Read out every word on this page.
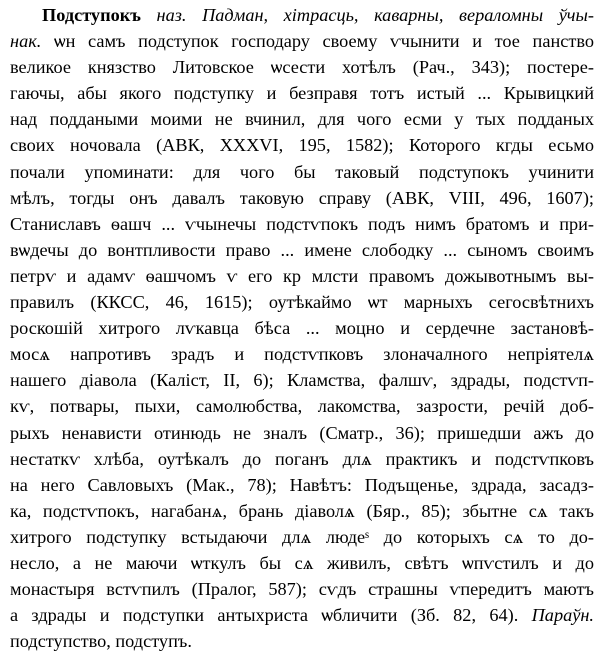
Подступокъ наз. Падман, хітрасць, каварны, вераломны ўчы-
нак. ѡн самъ подступок господару своему ѵчынити и тое панство
великое князство Литовское ѡсести хотѣлъ (Рач., 343); постере-
гаючы, абы якого подступку и безправя тотъ истый ... Крывицкий
над поддаными моими не вчинил, для чого есми у тых подданых
своих ночовала (АВК, XXXVI, 195, 1582); Которого кгды есьмо
почали упоминати: для чого бы таковый подступокъ учинити
мѣлъ, тогды онъ давалъ таковую справу (АВК, VIII, 496, 1607);
Станиславъ ѳашч ... ѵчынечы подстѵпокъ подъ нимъ братомъ и при-
вѡдечы до вонтпливости право ... имене слободку ... сыномъ своимъ
петрѵ и адамѵ ѳашчомъ ѵ его кр млсти правомъ дожывотнымъ вы-
правилъ (ККСС, 46, 1615); оутѣкаймо ѡт марныхъ сегосвѣтнихъ
роскошій хитрого лѵкавца бѣса ... моцно и сердечне застановѣ-
мосѧ напротивъ зрадъ и подстѵпковъ злоначалного непріятелѧ
нашего діавола (Каліст, II, 6); Кламства, фалшѵ, здрады, подстѵп-
кѵ, потвары, пыхи, самолюбства, лакомства, зазрости, речій доб-
рыхъ ненависти отинюдь не зналъ (Сматр., 36); пришедши ажъ до
нестаткѵ хлѣба, оутѣкалъ до поганъ длѧ практикъ и подстѵпковъ
на него Савловыхъ (Мак., 78); Навѣтъ: Подъщенье, здрада, засадз-
ка, подстѵпокъ, нагабанѧ, брань діаволѧ (Бяр., 85); збытне сѧ такъ
хитрого подступку встыдаючи длѧ людеˢ до которыхъ сѧ то до-
несло, а не маючи ѡткулъ бы сѧ живилъ, свѣтъ ѡпѵстилъ и до
монастыря встѵпилъ (Пралог, 587); сѵдъ страшны ѵпередитъ маютъ
а здрады и подступки антыхриста ѡбличити (Зб. 82, 64). Параўн.
подступство, подступъ.
